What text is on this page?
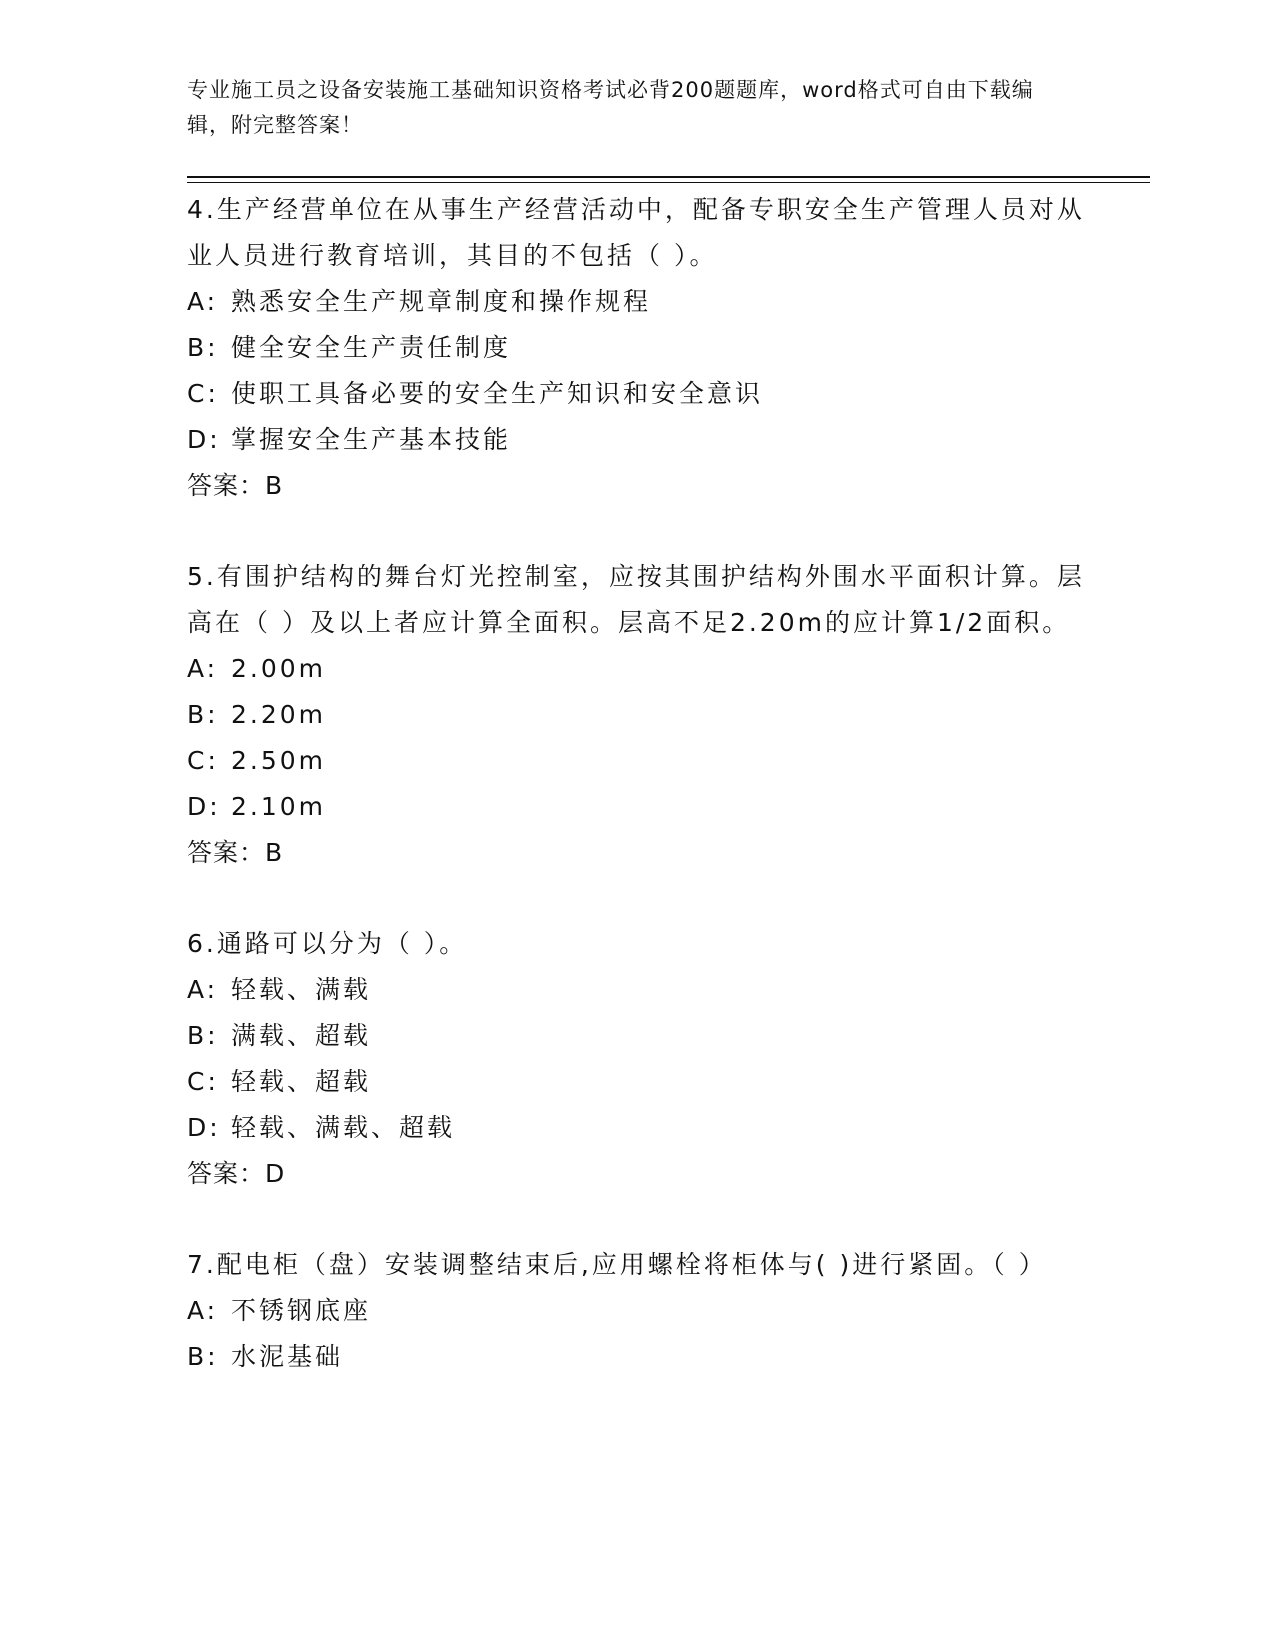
专业施工员之设备安装施工基础知识资格考试必背200题题库，word格式可自由下载编辑，附完整答案！
4.生产经营单位在从事生产经营活动中，配备专职安全生产管理人员对从业人员进行教育培训，其目的不包括（ ）。
A: 熟悉安全生产规章制度和操作规程
B: 健全安全生产责任制度
C: 使职工具备必要的安全生产知识和安全意识
D: 掌握安全生产基本技能
答案：B
5.有围护结构的舞台灯光控制室，应按其围护结构外围水平面积计算。层高在（ ）及以上者应计算全面积。层高不足2.20m的应计算1/2面积。
A: 2.00m
B: 2.20m
C: 2.50m
D: 2.10m
答案：B
6.通路可以分为（ ）。
A: 轻载、满载
B: 满载、超载
C: 轻载、超载
D: 轻载、满载、超载
答案：D
7.配电柜（盘）安装调整结束后,应用螺栓将柜体与( )进行紧固。（ ）
A: 不锈钢底座
B: 水泥基础
